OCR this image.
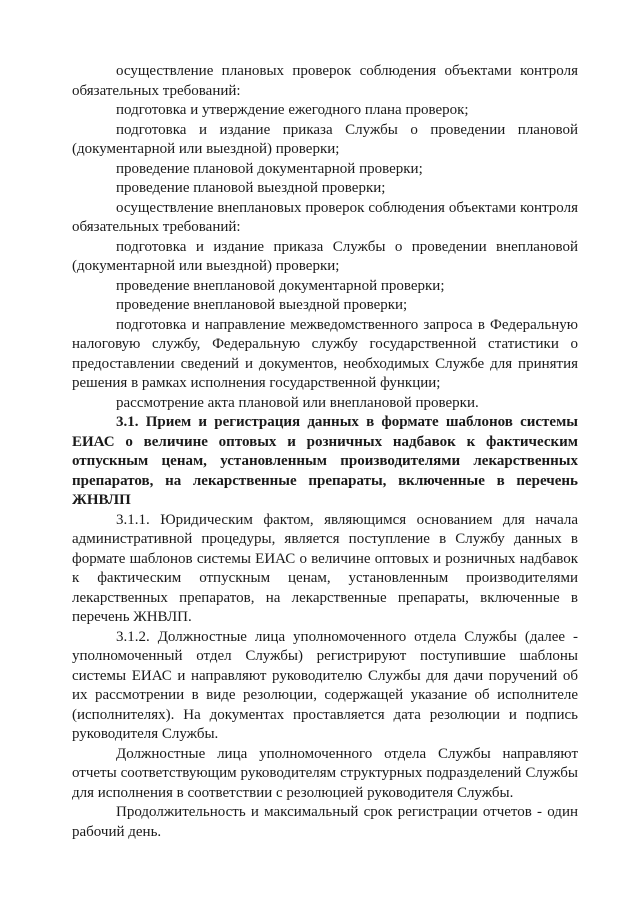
осуществление плановых проверок соблюдения объектами контроля обязательных требований:

подготовка и утверждение ежегодного плана проверок;

подготовка и издание приказа Службы о проведении плановой (документарной или выездной) проверки;

проведение плановой документарной проверки;

проведение плановой выездной проверки;

осуществление внеплановых проверок соблюдения объектами контроля обязательных требований:

подготовка и издание приказа Службы о проведении внеплановой (документарной или выездной) проверки;

проведение внеплановой документарной проверки;

проведение внеплановой выездной проверки;

подготовка и направление межведомственного запроса в Федеральную налоговую службу, Федеральную службу государственной статистики о предоставлении сведений и документов, необходимых Службе для принятия решения в рамках исполнения государственной функции;

рассмотрение акта плановой или внеплановой проверки.

3.1. Прием и регистрация данных в формате шаблонов системы ЕИАС о величине оптовых и розничных надбавок к фактическим отпускным ценам, установленным производителями лекарственных препаратов, на лекарственные препараты, включенные в перечень ЖНВЛП

3.1.1. Юридическим фактом, являющимся основанием для начала административной процедуры, является поступление в Службу данных в формате шаблонов системы ЕИАС о величине оптовых и розничных надбавок к фактическим отпускным ценам, установленным производителями лекарственных препаратов, на лекарственные препараты, включенные в перечень ЖНВЛП.

3.1.2. Должностные лица уполномоченного отдела Службы (далее - уполномоченный отдел Службы) регистрируют поступившие шаблоны системы ЕИАС и направляют руководителю Службы для дачи поручений об их рассмотрении в виде резолюции, содержащей указание об исполнителе (исполнителях). На документах проставляется дата резолюции и подпись руководителя Службы.

Должностные лица уполномоченного отдела Службы направляют отчеты соответствующим руководителям структурных подразделений Службы для исполнения в соответствии с резолюцией руководителя Службы.

Продолжительность и максимальный срок регистрации отчетов - один рабочий день.
